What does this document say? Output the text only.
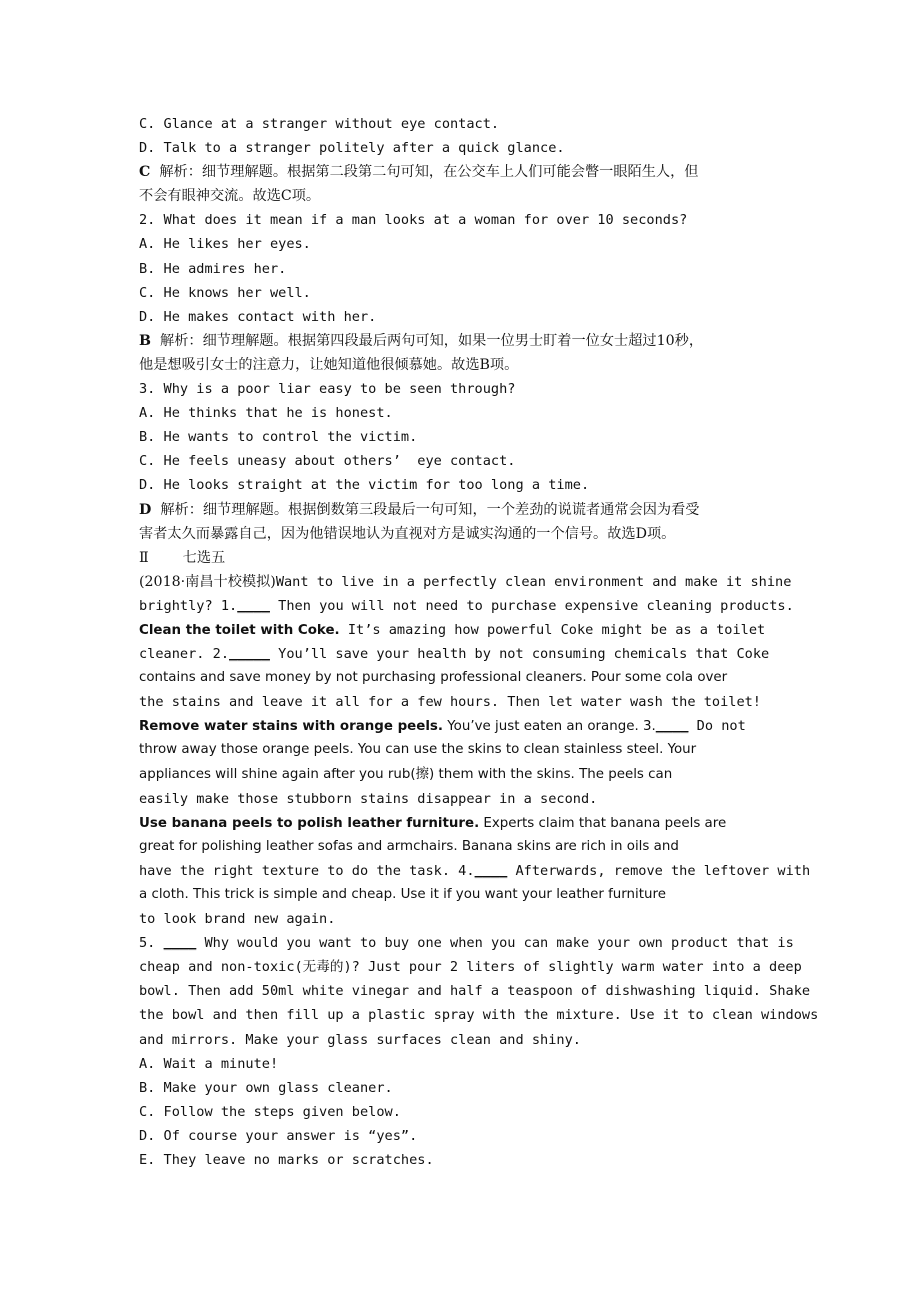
C. Glance at a stranger without eye contact.
D. Talk to a stranger politely after a quick glance.
C  解析：细节理解题。根据第二段第二句可知，在公交车上人们可能会瞥一眼陌生人，但
不会有眼神交流。故选C项。
2. What does it mean if a man looks at a woman for over 10 seconds?
A. He likes her eyes.
B. He admires her.
C. He knows her well.
D. He makes contact with her.
B  解析：细节理解题。根据第四段最后两句可知，如果一位男士盯着一位女士超过10秒，
他是想吸引女士的注意力，让她知道他很倾慕她。故选B项。
3. Why is a poor liar easy to be seen through?
A. He thinks that he is honest.
B. He wants to control the victim.
C. He feels uneasy about others’  eye contact.
D. He looks straight at the victim for too long a time.
D  解析：细节理解题。根据倒数第三段最后一句可知，一个差劲的说谎者通常会因为看受
害者太久而暴露自己，因为他错误地认为直视对方是诚实沟通的一个信号。故选D项。
Ⅱ 七选五
(2018·南昌十校模拟)Want to live in a perfectly clean environment and make it shine
brightly? 1.____ Then you will not need to purchase expensive cleaning products.
Clean the toilet with Coke. It’s amazing how powerful Coke might be as a toilet
cleaner. 2._____ You’ll save your health by not consuming chemicals that Coke
contains and save money by not purchasing professional cleaners. Pour some cola over
the stains and leave it all for a few hours. Then let water wash the toilet!
Remove water stains with orange peels. You’ve just eaten an orange. 3.____ Do not
throw away those orange peels. You can use the skins to clean stainless steel. Your
appliances will shine again after you rub(擦) them with the skins. The peels can
easily make those stubborn stains disappear in a second.
Use banana peels to polish leather furniture. Experts claim that banana peels are
great for polishing leather sofas and armchairs. Banana skins are rich in oils and
have the right texture to do the task. 4.____ Afterwards, remove the leftover with
a cloth. This trick is simple and cheap. Use it if you want your leather furniture
to look brand new again.
5. ____ Why would you want to buy one when you can make your own product that is
cheap and non-toxic(无毒的)? Just pour 2 liters of slightly warm water into a deep
bowl. Then add 50ml white vinegar and half a teaspoon of dishwashing liquid. Shake
the bowl and then fill up a plastic spray with the mixture. Use it to clean windows
and mirrors. Make your glass surfaces clean and shiny.
A. Wait a minute!
B. Make your own glass cleaner.
C. Follow the steps given below.
D. Of course your answer is “yes”.
E. They leave no marks or scratches.
